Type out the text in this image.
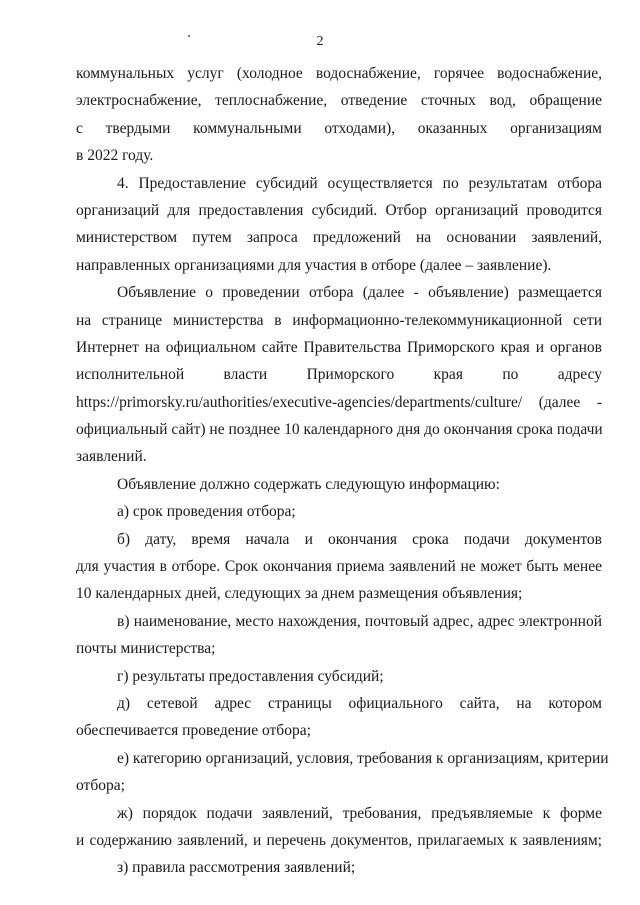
2
коммунальных услуг (холодное водоснабжение, горячее водоснабжение,
электроснабжение, теплоснабжение, отведение сточных вод, обращение
с твердыми коммунальными отходами), оказанных организациям
в 2022 году.
4. Предоставление субсидий осуществляется по результатам отбора
организаций для предоставления субсидий. Отбор организаций проводится
министерством путем запроса предложений на основании заявлений,
направленных организациями для участия в отборе (далее – заявление).
Объявление о проведении отбора (далее - объявление) размещается
на странице министерства в информационно-телекоммуникационной сети
Интернет на официальном сайте Правительства Приморского края и органов
исполнительной власти Приморского края по адресу
https://primorsky.ru/authorities/executive-agencies/departments/culture/ (далее -
официальный сайт) не позднее 10 календарного дня до окончания срока подачи
заявлений.
Объявление должно содержать следующую информацию:
а) срок проведения отбора;
б) дату, время начала и окончания срока подачи документов
для участия в отборе. Срок окончания приема заявлений не может быть менее
10 календарных дней, следующих за днем размещения объявления;
в) наименование, место нахождения, почтовый адрес, адрес электронной
почты министерства;
г) результаты предоставления субсидий;
д) сетевой адрес страницы официального сайта, на котором
обеспечивается проведение отбора;
е) категорию организаций, условия, требования к организациям, критерии
отбора;
ж) порядок подачи заявлений, требования, предъявляемые к форме
и содержанию заявлений, и перечень документов, прилагаемых к заявлениям;
з) правила рассмотрения заявлений;
